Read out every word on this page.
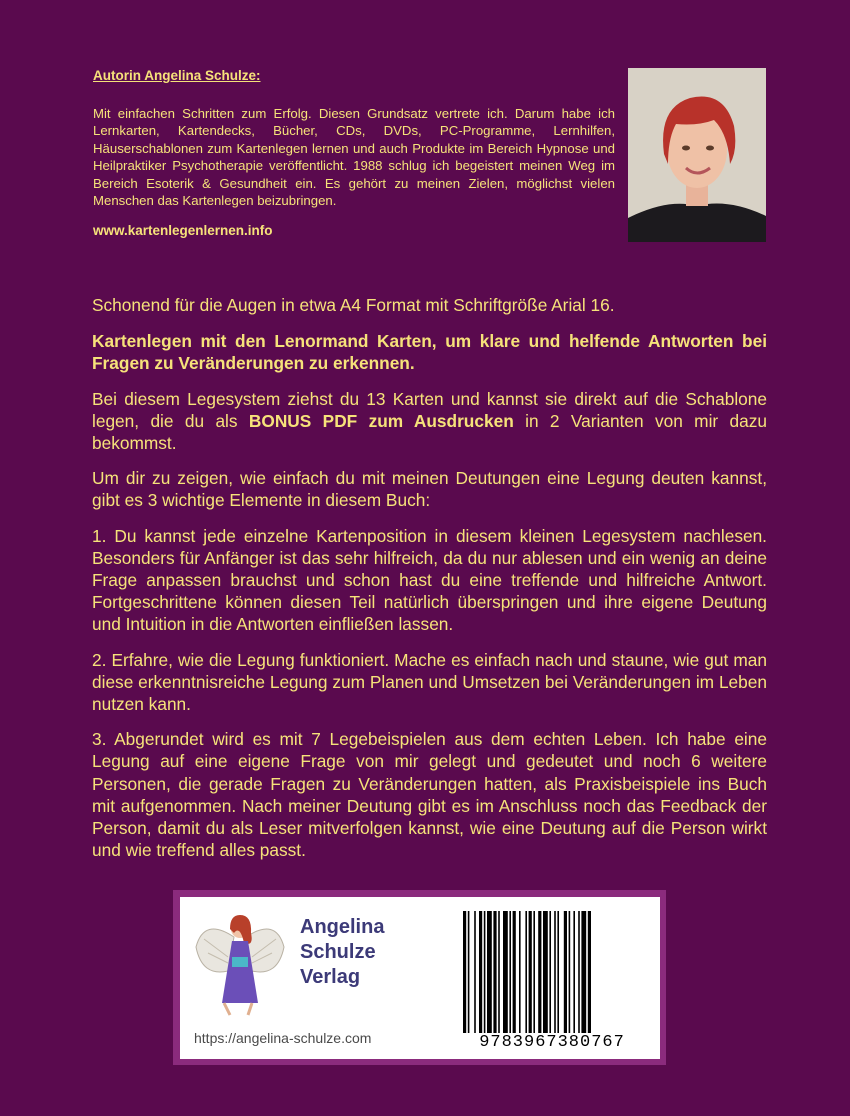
Autorin Angelina Schulze:

Mit einfachen Schritten zum Erfolg. Diesen Grundsatz vertrete ich. Darum habe ich Lernkarten, Kartendecks, Bücher, CDs, DVDs, PC-Programme, Lernhilfen, Häuserschablonen zum Kartenlegen lernen und auch Produkte im Bereich Hypnose und Heilpraktiker Psychotherapie veröffentlicht. 1988 schlug ich begeistert meinen Weg im Bereich Esoterik & Gesundheit ein. Es gehört zu meinen Zielen, möglichst vielen Menschen das Kartenlegen beizubringen.

www.kartenlegenlernen.info

Schonend für die Augen in etwa A4 Format mit Schriftgröße Arial 16.

Kartenlegen mit den Lenormand Karten, um klare und helfende Antworten bei Fragen zu Veränderungen zu erkennen.

Bei diesem Legesystem ziehst du 13 Karten und kannst sie direkt auf die Schablone legen, die du als BONUS PDF zum Ausdrucken in 2 Varianten von mir dazu bekommst.

Um dir zu zeigen, wie einfach du mit meinen Deutungen eine Legung deuten kannst, gibt es 3 wichtige Elemente in diesem Buch:

1. Du kannst jede einzelne Kartenposition in diesem kleinen Legesystem nachlesen. Besonders für Anfänger ist das sehr hilfreich, da du nur ablesen und ein wenig an deine Frage anpassen brauchst und schon hast du eine treffende und hilfreiche Antwort. Fortgeschrittene können diesen Teil natürlich überspringen und ihre eigene Deutung und Intuition in die Antworten einfließen lassen.

2. Erfahre, wie die Legung funktioniert. Mache es einfach nach und staune, wie gut man diese erkenntnisreiche Legung zum Planen und Umsetzen bei Veränderungen im Leben nutzen kann.

3. Abgerundet wird es mit 7 Legebeispielen aus dem echten Leben. Ich habe eine Legung auf eine eigene Frage von mir gelegt und gedeutet und noch 6 weitere Personen, die gerade Fragen zu Veränderungen hatten, als Praxisbeispiele ins Buch mit aufgenommen. Nach meiner Deutung gibt es im Anschluss noch das Feedback der Person, damit du als Leser mitverfolgen kannst, wie eine Deutung auf die Person wirkt und wie treffend alles passt.

Angelina
Schulze
Verlag
https://angelina-schulze.com	9783967380767
